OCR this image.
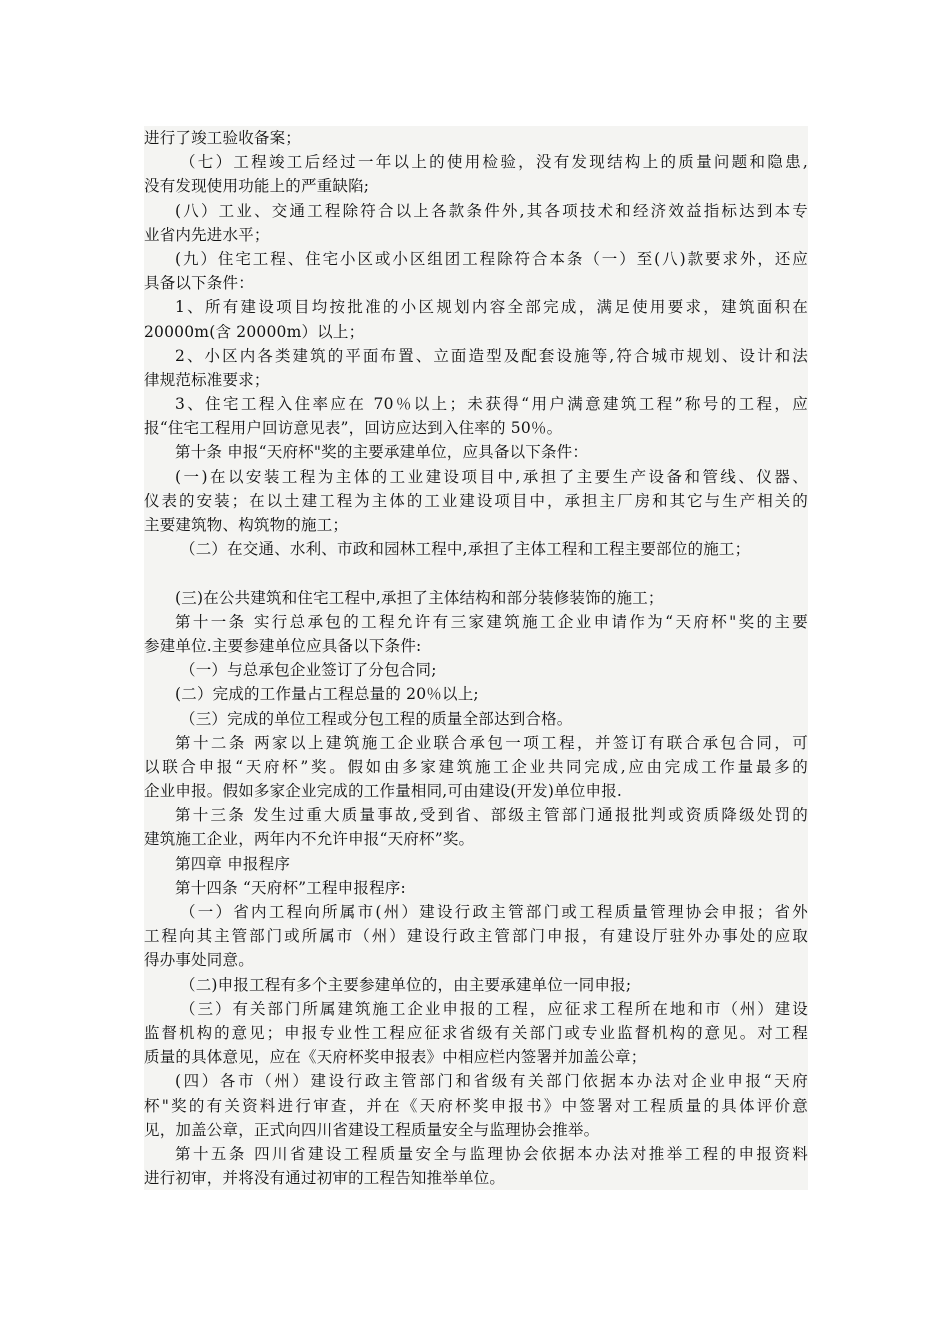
进行了竣工验收备案；
（七）工程竣工后经过一年以上的使用检验，没有发现结构上的质量问题和隐患,
没有发现使用功能上的严重缺陷;
(八）工业、交通工程除符合以上各款条件外,其各项技术和经济效益指标达到本专
业省内先进水平；
(九）住宅工程、住宅小区或小区组团工程除符合本条（一）至(八)款要求外，还应
具备以下条件：
1、所有建设项目均按批准的小区规划内容全部完成，满足使用要求，建筑面积在
20000m(含 20000m）以上；
2、小区内各类建筑的平面布置、立面造型及配套设施等,符合城市规划、设计和法
律规范标准要求；
3、住宅工程入住率应在 70％以上；未获得“用户满意建筑工程”称号的工程，应
报“住宅工程用户回访意见表”，回访应达到入住率的 50％。
第十条 申报“天府杯"奖的主要承建单位，应具备以下条件：
(一)在以安装工程为主体的工业建设项目中,承担了主要生产设备和管线、仪器、
仪表的安装；在以土建工程为主体的工业建设项目中，承担主厂房和其它与生产相关的
主要建筑物、构筑物的施工；
（二）在交通、水利、市政和园林工程中,承担了主体工程和工程主要部位的施工；
(三)在公共建筑和住宅工程中,承担了主体结构和部分装修装饰的施工；
第十一条 实行总承包的工程允许有三家建筑施工企业申请作为“天府杯"奖的主要
参建单位.主要参建单位应具备以下条件:
（一）与总承包企业签订了分包合同;
(二）完成的工作量占工程总量的 20％以上;
（三）完成的单位工程或分包工程的质量全部达到合格。
第十二条 两家以上建筑施工企业联合承包一项工程，并签订有联合承包合同，可
以联合申报“天府杯”奖。假如由多家建筑施工企业共同完成,应由完成工作量最多的
企业申报。假如多家企业完成的工作量相同,可由建设(开发)单位申报.
第十三条 发生过重大质量事故,受到省、部级主管部门通报批判或资质降级处罚的
建筑施工企业，两年内不允许申报“天府杯”奖。
第四章 申报程序
第十四条 “天府杯”工程申报程序:
（一）省内工程向所属市(州）建设行政主管部门或工程质量管理协会申报；省外
工程向其主管部门或所属市（州）建设行政主管部门申报，有建设厅驻外办事处的应取
得办事处同意。
（二)申报工程有多个主要参建单位的，由主要承建单位一同申报;
（三）有关部门所属建筑施工企业申报的工程，应征求工程所在地和市（州）建设
监督机构的意见；申报专业性工程应征求省级有关部门或专业监督机构的意见。对工程
质量的具体意见，应在《天府杯奖申报表》中相应栏内签署并加盖公章；
(四）各市（州）建设行政主管部门和省级有关部门依据本办法对企业申报“天府
杯"奖的有关资料进行审查，并在《天府杯奖申报书》中签署对工程质量的具体评价意
见，加盖公章，正式向四川省建设工程质量安全与监理协会推举。
第十五条 四川省建设工程质量安全与监理协会依据本办法对推举工程的申报资料
进行初审，并将没有通过初审的工程告知推举单位。
